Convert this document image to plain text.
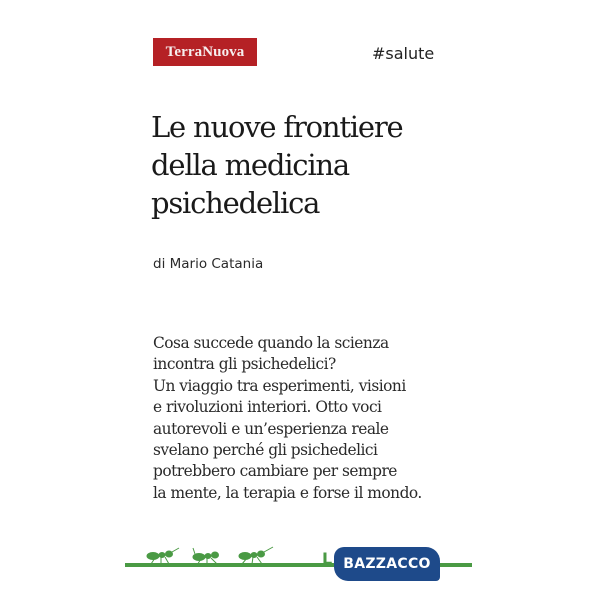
TerraNuova	#salute
Le nuove frontiere
della medicina
psichedelica
di Mario Catania
Cosa succede quando la scienza
incontra gli psichedelici?
Un viaggio tra esperimenti, visioni
e rivoluzioni interiori. Otto voci
autorevoli e un’esperienza reale
svelano perché gli psichedelici
potrebbero cambiare per sempre
la mente, la terapia e forse il mondo.
L BAZZACCO
